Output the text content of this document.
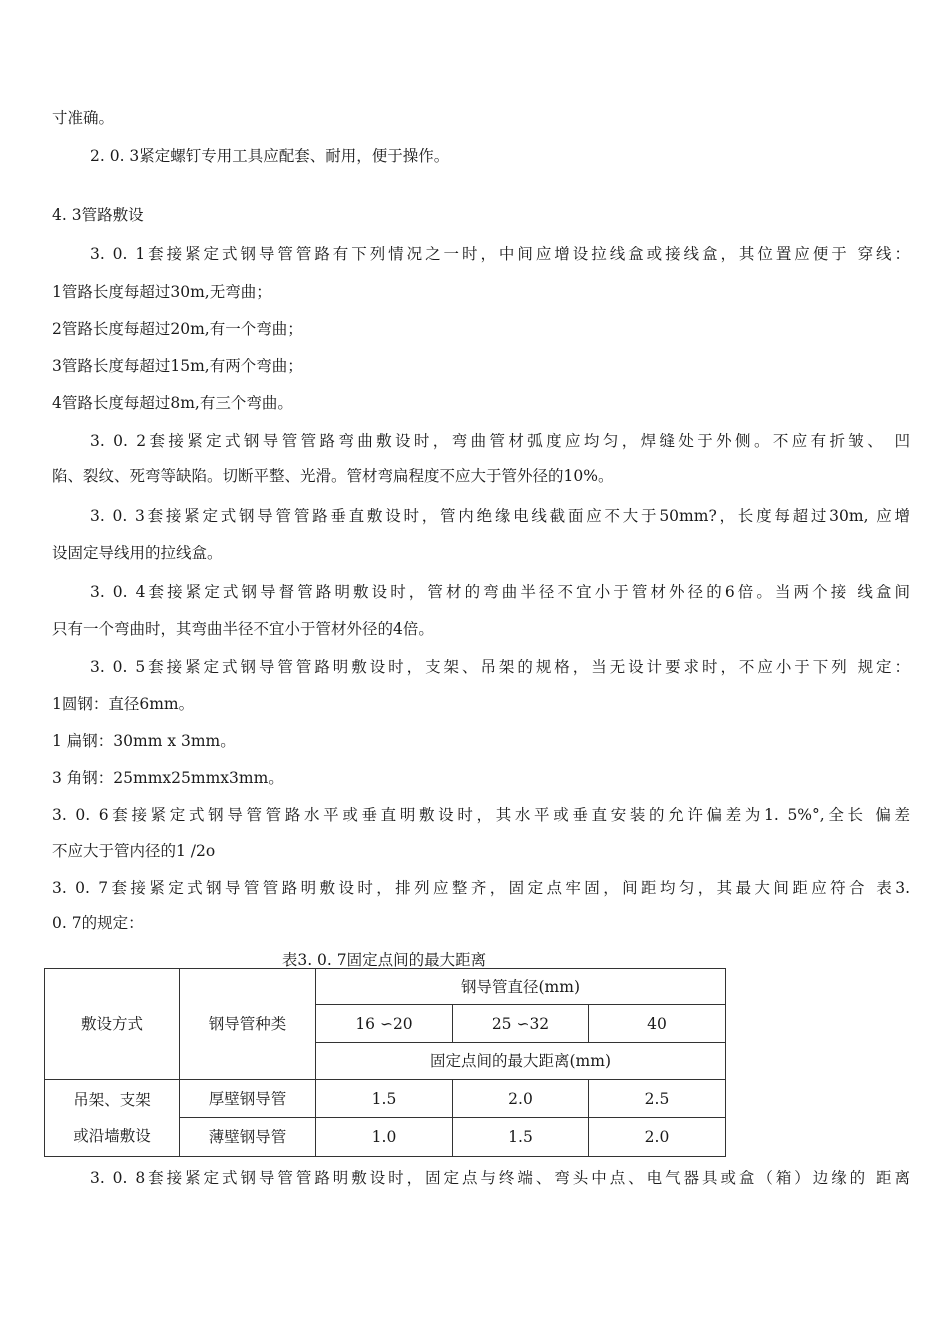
寸准确。
2. 0. 3紧定螺钉专用工具应配套、耐用，便于操作。
4. 3管路敷设
3. 0. 1套接紧定式钢导管管路有下列情况之一时，中间应增设拉线盒或接线盒，其位置应便于 穿线：
1管路长度每超过30m,无弯曲；
2管路长度每超过20m,有一个弯曲；
3管路长度每超过15m,有两个弯曲；
4管路长度每超过8m,有三个弯曲。
3. 0. 2套接紧定式钢导管管路弯曲敷设时，弯曲管材弧度应均匀，焊缝处于外侧。不应有折皱、 凹
陷、裂纹、死弯等缺陷。切断平整、光滑。管材弯扁程度不应大于管外径的10%。
3. 0. 3套接紧定式钢导管管路垂直敷设时，管内绝缘电线截面应不大于50mm?，长度每超过30m, 应增
设固定导线用的拉线盒。
3. 0. 4套接紧定式钢导督管路明敷设时，管材的弯曲半径不宜小于管材外径的6倍。当两个接 线盒间
只有一个弯曲时，其弯曲半径不宜小于管材外径的4倍。
3. 0. 5套接紧定式钢导管管路明敷设时，支架、吊架的规格，当无设计要求时，不应小于下列 规定：
1圆钢：直径6mm。
1 扁钢：30mm x 3mm。
3 角钢：25mmx25mmx3mm。
3. 0. 6套接紧定式钢导管管路水平或垂直明敷设时，其水平或垂直安装的允许偏差为1. 5%°,全长 偏差
不应大于管内径的1 /2o
3. 0. 7套接紧定式钢导管管路明敷设时，排列应整齐，固定点牢固，间距均匀，其最大间距应符合 表3.
0. 7的规定：
表3. 0. 7固定点间的最大距离
敷设方式	钢导管种类	钢导管直径(mm)		
		16 ∽20	25 ∽32	40
		固定点间的最大距离(mm)		

吊架、支架
或沿墙敷设	厚壁钢导管	1.5	2.0	2.5
	薄壁钢导管	1.0	1.5	2.0
3. 0. 8套接紧定式钢导管管路明敷设时，固定点与终端、弯头中点、电气器具或盒（箱）边缘的 距离
